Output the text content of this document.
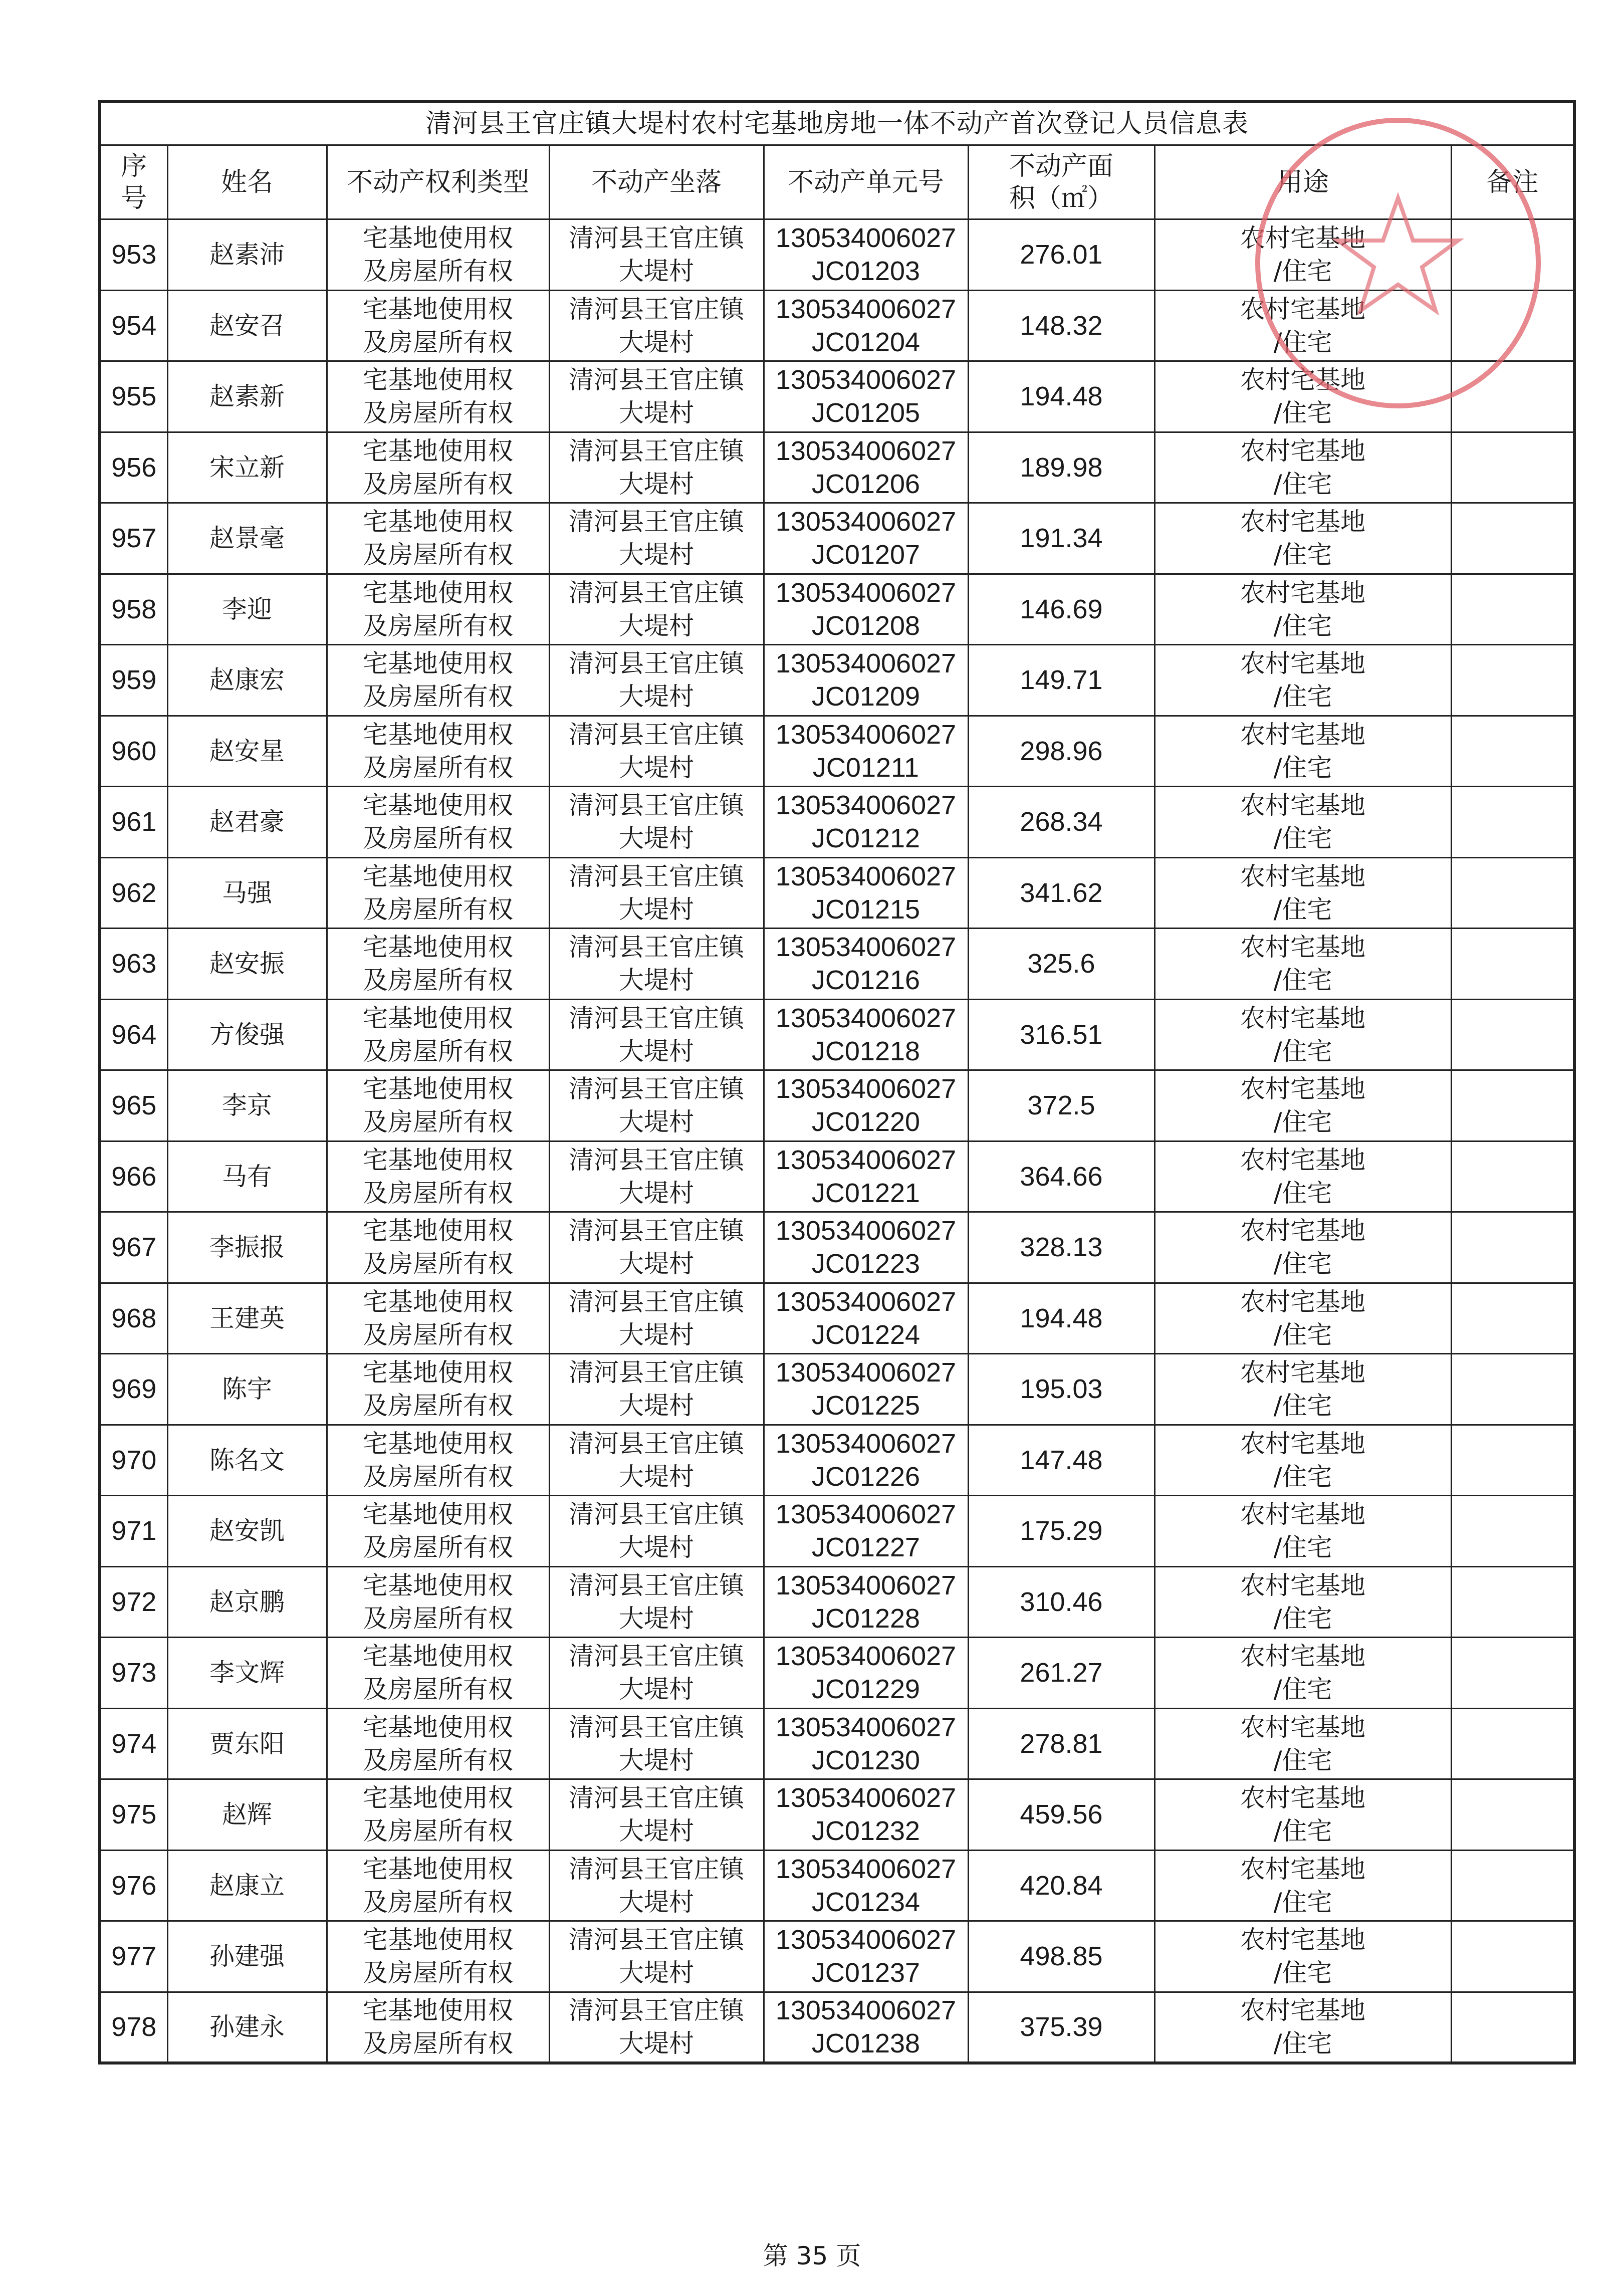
清河县王官庄镇大堤村农村宅基地房地一体不动产首次登记人员信息表							

序
号	姓名	不动产权利类型	不动产坐落	不动产单元号	不动产面
积（㎡）	用途	备注
953	赵素沛	宅基地使用权
及房屋所有权	清河县王官庄镇
大堤村	130534006027
JC01203	276.01	农村宅基地
/住宅	

954	赵安召	宅基地使用权
及房屋所有权	清河县王官庄镇
大堤村	130534006027
JC01204	148.32	农村宅基地
/住宅	

955	赵素新	宅基地使用权
及房屋所有权	清河县王官庄镇
大堤村	130534006027
JC01205	194.48	农村宅基地
/住宅	

956	宋立新	宅基地使用权
及房屋所有权	清河县王官庄镇
大堤村	130534006027
JC01206	189.98	农村宅基地
/住宅	

957	赵景毫	宅基地使用权
及房屋所有权	清河县王官庄镇
大堤村	130534006027
JC01207	191.34	农村宅基地
/住宅	

958	李迎	宅基地使用权
及房屋所有权	清河县王官庄镇
大堤村	130534006027
JC01208	146.69	农村宅基地
/住宅	

959	赵康宏	宅基地使用权
及房屋所有权	清河县王官庄镇
大堤村	130534006027
JC01209	149.71	农村宅基地
/住宅	

960	赵安星	宅基地使用权
及房屋所有权	清河县王官庄镇
大堤村	130534006027
JC01211	298.96	农村宅基地
/住宅	

961	赵君豪	宅基地使用权
及房屋所有权	清河县王官庄镇
大堤村	130534006027
JC01212	268.34	农村宅基地
/住宅	

962	马强	宅基地使用权
及房屋所有权	清河县王官庄镇
大堤村	130534006027
JC01215	341.62	农村宅基地
/住宅	

963	赵安振	宅基地使用权
及房屋所有权	清河县王官庄镇
大堤村	130534006027
JC01216	325.6	农村宅基地
/住宅	

964	方俊强	宅基地使用权
及房屋所有权	清河县王官庄镇
大堤村	130534006027
JC01218	316.51	农村宅基地
/住宅	

965	李京	宅基地使用权
及房屋所有权	清河县王官庄镇
大堤村	130534006027
JC01220	372.5	农村宅基地
/住宅	

966	马有	宅基地使用权
及房屋所有权	清河县王官庄镇
大堤村	130534006027
JC01221	364.66	农村宅基地
/住宅	

967	李振报	宅基地使用权
及房屋所有权	清河县王官庄镇
大堤村	130534006027
JC01223	328.13	农村宅基地
/住宅	

968	王建英	宅基地使用权
及房屋所有权	清河县王官庄镇
大堤村	130534006027
JC01224	194.48	农村宅基地
/住宅	

969	陈宇	宅基地使用权
及房屋所有权	清河县王官庄镇
大堤村	130534006027
JC01225	195.03	农村宅基地
/住宅	

970	陈名文	宅基地使用权
及房屋所有权	清河县王官庄镇
大堤村	130534006027
JC01226	147.48	农村宅基地
/住宅	

971	赵安凯	宅基地使用权
及房屋所有权	清河县王官庄镇
大堤村	130534006027
JC01227	175.29	农村宅基地
/住宅	

972	赵京鹏	宅基地使用权
及房屋所有权	清河县王官庄镇
大堤村	130534006027
JC01228	310.46	农村宅基地
/住宅	

973	李文辉	宅基地使用权
及房屋所有权	清河县王官庄镇
大堤村	130534006027
JC01229	261.27	农村宅基地
/住宅	

974	贾东阳	宅基地使用权
及房屋所有权	清河县王官庄镇
大堤村	130534006027
JC01230	278.81	农村宅基地
/住宅	

975	赵辉	宅基地使用权
及房屋所有权	清河县王官庄镇
大堤村	130534006027
JC01232	459.56	农村宅基地
/住宅	

976	赵康立	宅基地使用权
及房屋所有权	清河县王官庄镇
大堤村	130534006027
JC01234	420.84	农村宅基地
/住宅	

977	孙建强	宅基地使用权
及房屋所有权	清河县王官庄镇
大堤村	130534006027
JC01237	498.85	农村宅基地
/住宅	

978	孙建永	宅基地使用权
及房屋所有权	清河县王官庄镇
大堤村	130534006027
JC01238	375.39	农村宅基地
/住宅	

第 35 页
